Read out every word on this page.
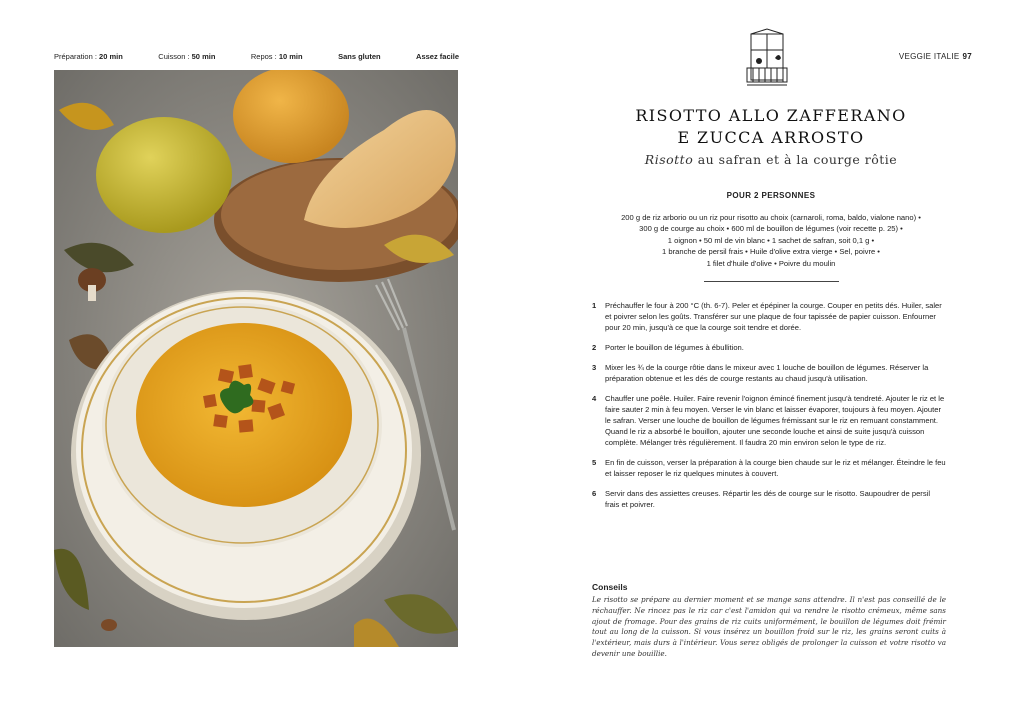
Préparation : 20 min	Cuisson : 50 min	Repos : 10 min	Sans gluten	Assez facile	VEGGIE ITALIE 97
RISOTTO ALLO ZAFFERANO
E ZUCCA ARROSTO
Risotto au safran et à la courge rôtie
POUR 2 PERSONNES
200 g de riz arborio ou un riz pour risotto au choix (carnaroli, roma, baldo, vialone nano) •
300 g de courge au choix • 600 ml de bouillon de légumes (voir recette p. 25) •
1 oignon • 50 ml de vin blanc • 1 sachet de safran, soit 0,1 g •
1 branche de persil frais • Huile d'olive extra vierge • Sel, poivre •
1 filet d'huile d'olive • Poivre du moulin
1	Préchauffer le four à 200 °C (th. 6-7). Peler et épépiner la courge. Couper en petits dés. Huiler, saler et poivrer selon les goûts. Transférer sur une plaque de four tapissée de papier cuisson. Enfourner pour 20 min, jusqu'à ce que la courge soit tendre et dorée.
2	Porter le bouillon de légumes à ébullition.
3	Mixer les ¾ de la courge rôtie dans le mixeur avec 1 louche de bouillon de légumes. Réserver la préparation obtenue et les dés de courge restants au chaud jusqu'à utilisation.
4	Chauffer une poêle. Huiler. Faire revenir l'oignon émincé finement jusqu'à tendreté. Ajouter le riz et le faire sauter 2 min à feu moyen. Verser le vin blanc et laisser évaporer, toujours à feu moyen. Ajouter le safran. Verser une louche de bouillon de légumes frémissant sur le riz en remuant constamment. Quand le riz a absorbé le bouillon, ajouter une seconde louche et ainsi de suite jusqu'à cuisson complète. Mélanger très régulièrement. Il faudra 20 min environ selon le type de riz.
5	En fin de cuisson, verser la préparation à la courge bien chaude sur le riz et mélanger. Éteindre le feu et laisser reposer le riz quelques minutes à couvert.
6	Servir dans des assiettes creuses. Répartir les dés de courge sur le risotto. Saupoudrer de persil frais et poivrer.
Conseils
Le risotto se prépare au dernier moment et se mange sans attendre. Il n'est pas conseillé de le réchauffer. Ne rincez pas le riz car c'est l'amidon qui va rendre le risotto crémeux, même sans ajout de fromage. Pour des grains de riz cuits uniformément, le bouillon de légumes doit frémir tout au long de la cuisson. Si vous insérez un bouillon froid sur le riz, les grains seront cuits à l'extérieur, mais durs à l'intérieur. Vous serez obligés de prolonger la cuisson et votre risotto va devenir une bouillie.
